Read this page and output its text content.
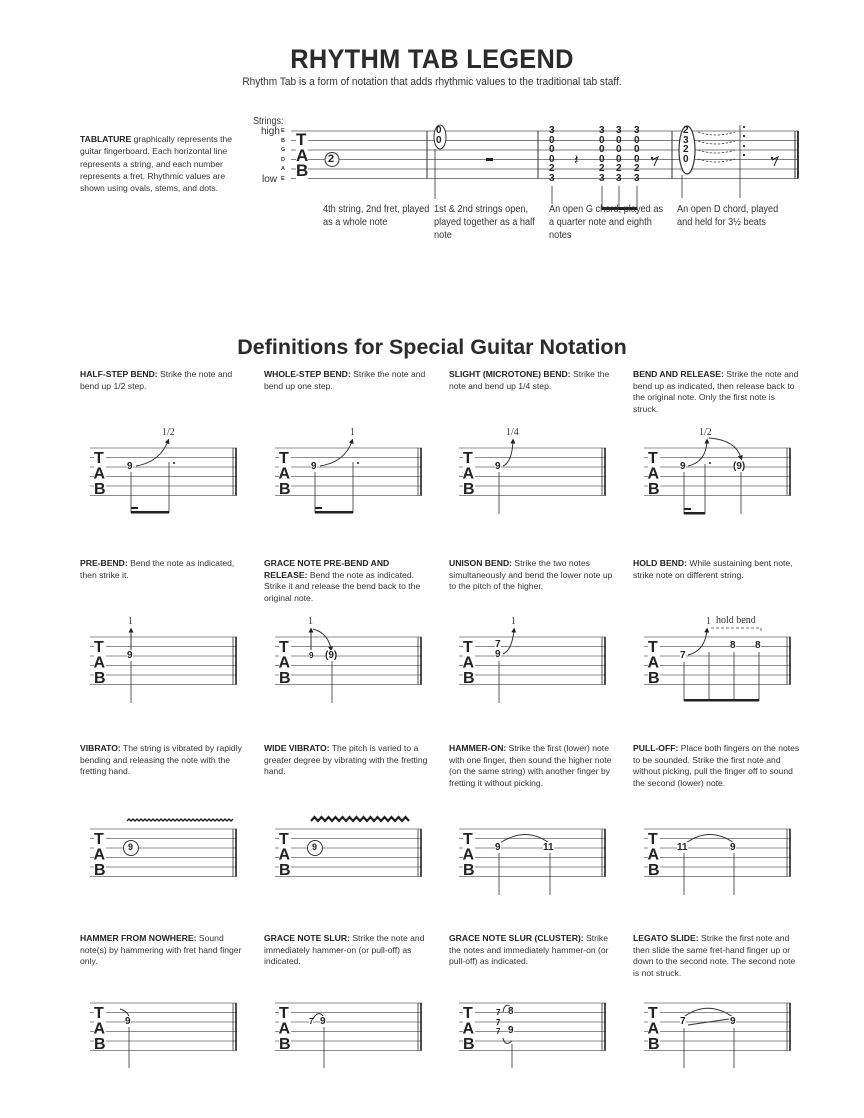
RHYTHM TAB LEGEND
Rhythm Tab is a form of notation that adds rhythmic values to the traditional tab staff.
TABLATURE graphically represents the guitar fingerboard. Each horizontal line represents a string, and each number represents a fret. Rhythmic values are shown using ovals, stems, and dots.
Strings:
high
low
E
B
G
D
A
E
T
A
B
2
0
0
𝄽
3
0
0
0
2
3
3
0
0
0
2
3
3
0
0
0
2
3
3
0
0
0
2
3
2
3
2
0
4th string, 2nd fret, played as a whole note
1st & 2nd strings open, played together as a half note
An open G chord, played as a quarter note and eighth notes
An open D chord, played and held for 3½ beats
Definitions for Special Guitar Notation
HALF-STEP BEND: Strike the note and bend up 1/2 step.
WHOLE-STEP BEND: Strike the note and bend up one step.
SLIGHT (MICROTONE) BEND: Strike the note and bend up 1/4 step.
BEND AND RELEASE: Strike the note and bend up as indicated, then release back to the original note. Only the first note is struck.
PRE-BEND: Bend the note as indicated, then strike it.
GRACE NOTE PRE-BEND AND RELEASE: Bend the note as indicated. Strike it and release the bend back to the original note.
UNISON BEND: Strike the two notes simultaneously and bend the lower note up to the pitch of the higher.
HOLD BEND: While sustaining bent note, strike note on different string.
VIBRATO: The string is vibrated by rapidly bending and releasing the note with the fretting hand.
WIDE VIBRATO: The pitch is varied to a greater degree by vibrating with the fretting hand.
HAMMER-ON: Strike the first (lower) note with one finger, then sound the higher note (on the same string) with another finger by fretting it without picking.
PULL-OFF: Place both fingers on the notes to be sounded. Strike the first note and without picking, pull the finger off to sound the second (lower) note.
HAMMER FROM NOWHERE: Sound note(s) by hammering with fret hand finger only.
GRACE NOTE SLUR: Strike the note and immediately hammer-on (or pull-off) as indicated.
GRACE NOTE SLUR (CLUSTER): Strike the notes and immediately hammer-on (or pull-off) as indicated.
LEGATO SLIDE: Strike the first note and then slide the same fret-hand finger up or down to the second note. The second note is not struck.
T
A
B
1/2
9
1
9
1/4
9
1/2
9	(9)
1
9
1
9 (9)
1
7
9
1 hold bend
7
8 8
9	9	9	11	11	9
9	7 9
7
7
7
8
9
7	9
